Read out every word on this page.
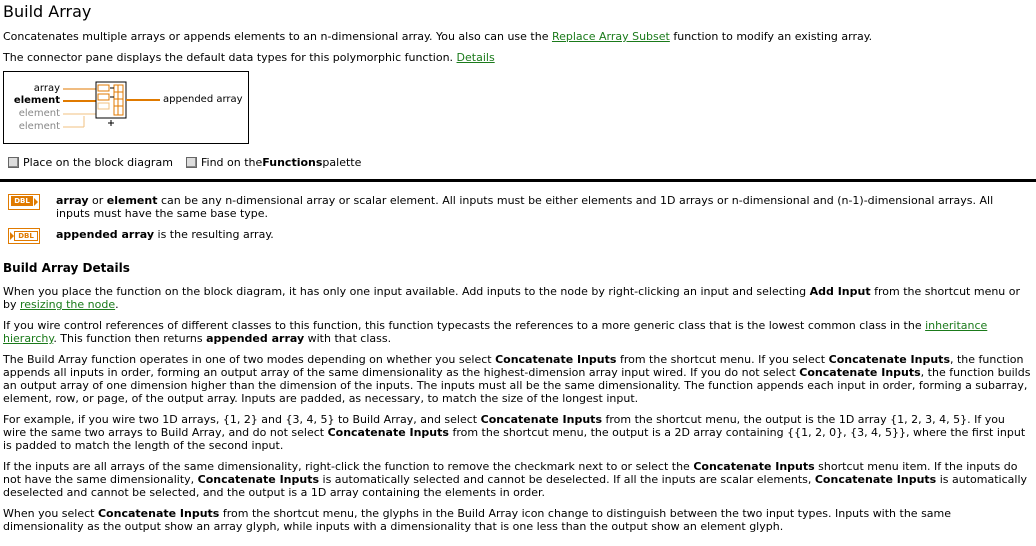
Build Array
Concatenates multiple arrays or appends elements to an n-dimensional array. You also can use the Replace Array Subset function to modify an existing array.
The connector pane displays the default data types for this polymorphic function. Details
array
element
element
element
appended array
Place on the block diagram	Find on the Functions palette
DBL array or element can be any n-dimensional array or scalar element. All inputs must be either elements and 1D arrays or n-dimensional and (n-1)-dimensional arrays. All inputs must have the same base type.
DBL	appended array is the resulting array.
Build Array Details
When you place the function on the block diagram, it has only one input available. Add inputs to the node by right-clicking an input and selecting Add Input from the shortcut menu or by resizing the node.
If you wire control references of different classes to this function, this function typecasts the references to a more generic class that is the lowest common class in the inheritance hierarchy. This function then returns appended array with that class.
The Build Array function operates in one of two modes depending on whether you select Concatenate Inputs from the shortcut menu. If you select Concatenate Inputs, the function appends all inputs in order, forming an output array of the same dimensionality as the highest-dimension array input wired. If you do not select Concatenate Inputs, the function builds an output array of one dimension higher than the dimension of the inputs. The inputs must all be the same dimensionality. The function appends each input in order, forming a subarray, element, row, or page, of the output array. Inputs are padded, as necessary, to match the size of the longest input.
For example, if you wire two 1D arrays, {1, 2} and {3, 4, 5} to Build Array, and select Concatenate Inputs from the shortcut menu, the output is the 1D array {1, 2, 3, 4, 5}. If you wire the same two arrays to Build Array, and do not select Concatenate Inputs from the shortcut menu, the output is a 2D array containing {{1, 2, 0}, {3, 4, 5}}, where the first input is padded to match the length of the second input.
If the inputs are all arrays of the same dimensionality, right-click the function to remove the checkmark next to or select the Concatenate Inputs shortcut menu item. If the inputs do not have the same dimensionality, Concatenate Inputs is automatically selected and cannot be deselected. If all the inputs are scalar elements, Concatenate Inputs is automatically deselected and cannot be selected, and the output is a 1D array containing the elements in order.
When you select Concatenate Inputs from the shortcut menu, the glyphs in the Build Array icon change to distinguish between the two input types. Inputs with the same dimensionality as the output show an array glyph, while inputs with a dimensionality that is one less than the output show an element glyph.
